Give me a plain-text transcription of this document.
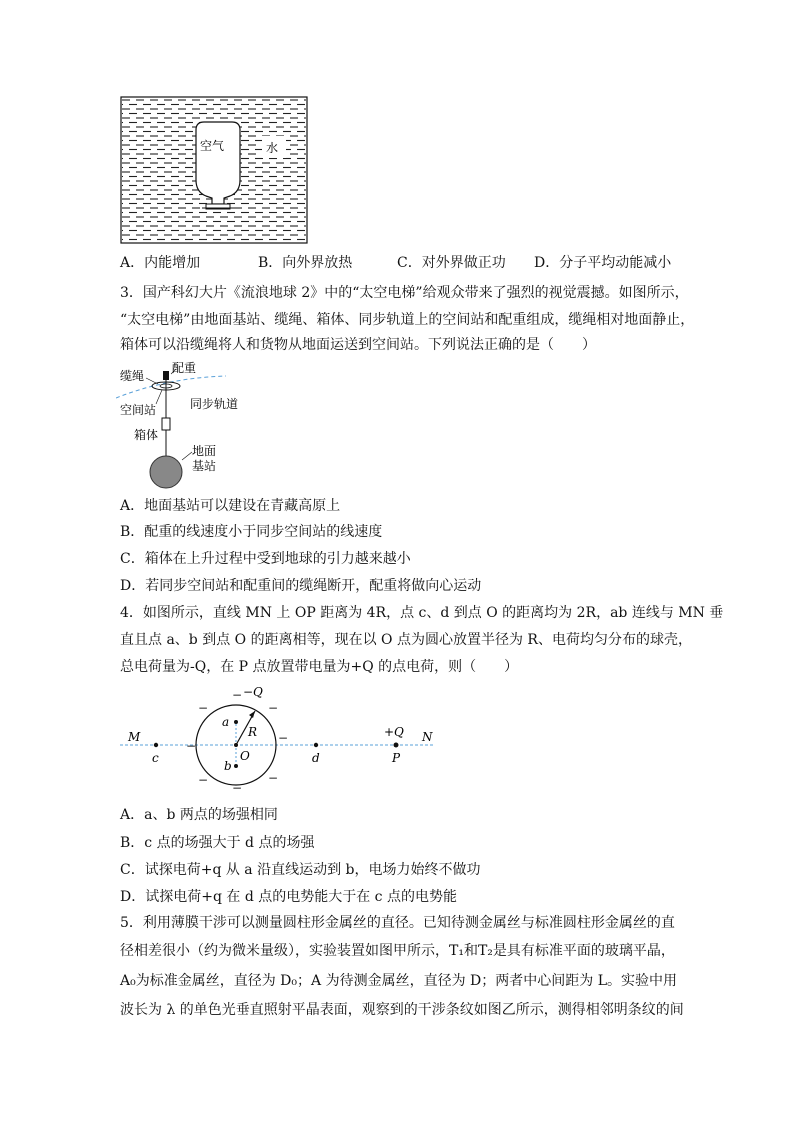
空气	水
A．内能增加	B．向外界放热	C．对外界做正功 D．分子平均动能减小
3．国产科幻大片《流浪地球 2》中的“太空电梯”给观众带来了强烈的视觉震撼。如图所示，
“太空电梯”由地面基站、缆绳、箱体、同步轨道上的空间站和配重组成，缆绳相对地面静止，
箱体可以沿缆绳将人和货物从地面运送到空间站。下列说法正确的是（　　）
配重
缆绳
空间站	同步轨道
箱体
地面
基站
A．地面基站可以建设在青藏高原上
B．配重的线速度小于同步空间站的线速度
C．箱体在上升过程中受到地球的引力越来越小
D．若同步空间站和配重间的缆绳断开，配重将做向心运动
4．如图所示，直线 MN 上 OP 距离为 4R，点 c、d 到点 O 的距离均为 2R，ab 连线与 MN 垂
直且点 a、b 到点 O 的距离相等，现在以 O 点为圆心放置半径为 R、电荷均匀分布的球壳，
总电荷量为-Q，在 P 点放置带电量为+Q 的点电荷，则（　　）
−
−	−
−
−
−	−
−
M	N
c	d
a
b
O
R
P
−Q
+Q
A．a、b 两点的场强相同
B．c 点的场强大于 d 点的场强
C．试探电荷+q 从 a 沿直线运动到 b，电场力始终不做功
D．试探电荷+q 在 d 点的电势能大于在 c 点的电势能
5．利用薄膜干涉可以测量圆柱形金属丝的直径。已知待测金属丝与标准圆柱形金属丝的直
径相差很小（约为微米量级），实验装置如图甲所示，T₁和T₂是具有标准平面的玻璃平晶，
A₀为标准金属丝，直径为 D₀；A 为待测金属丝，直径为 D；两者中心间距为 L。实验中用
波长为 λ 的单色光垂直照射平晶表面，观察到的干涉条纹如图乙所示，测得相邻明条纹的间
